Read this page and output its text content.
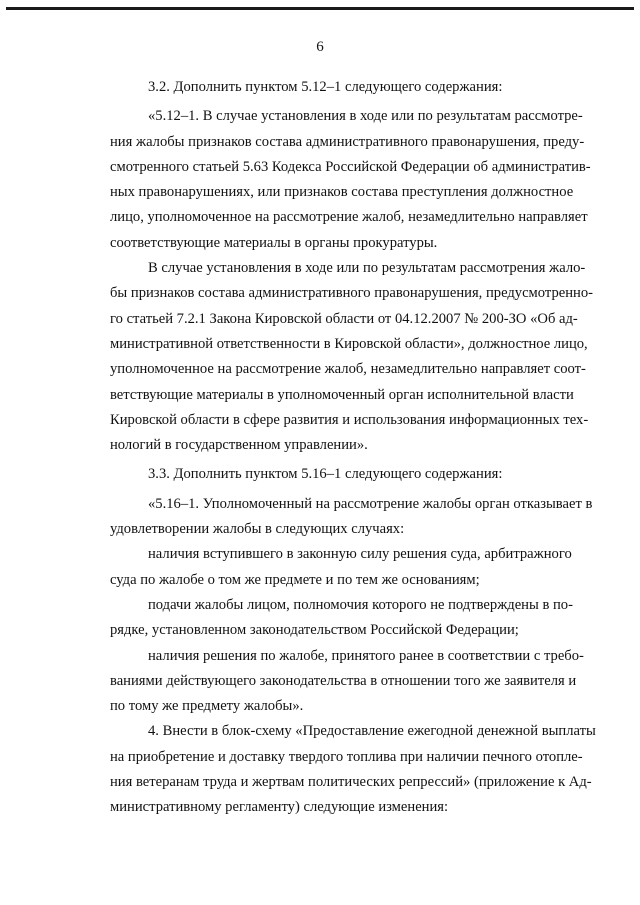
6
3.2. Дополнить пунктом 5.12–1 следующего содержания:
«5.12–1. В случае установления в ходе или по результатам рассмотре-
ния жалобы признаков состава административного правонарушения, преду-
смотренного статьей 5.63 Кодекса Российской Федерации об административ-
ных правонарушениях, или признаков состава преступления должностное
лицо, уполномоченное на рассмотрение жалоб, незамедлительно направляет
соответствующие материалы в органы прокуратуры.
В случае установления в ходе или по результатам рассмотрения жало-
бы признаков состава административного правонарушения, предусмотренно-
го статьей 7.2.1 Закона Кировской области от 04.12.2007 № 200-ЗО «Об ад-
министративной ответственности в Кировской области», должностное лицо,
уполномоченное на рассмотрение жалоб, незамедлительно направляет соот-
ветствующие материалы в уполномоченный орган исполнительной власти
Кировской области в сфере развития и использования информационных тех-
нологий в государственном управлении».
3.3. Дополнить пунктом 5.16–1 следующего содержания:
«5.16–1. Уполномоченный на рассмотрение жалобы орган отказывает в
удовлетворении жалобы в следующих случаях:
наличия вступившего в законную силу решения суда, арбитражного
суда по жалобе о том же предмете и по тем же основаниям;
подачи жалобы лицом, полномочия которого не подтверждены в по-
рядке, установленном законодательством Российской Федерации;
наличия решения по жалобе, принятого ранее в соответствии с требо-
ваниями действующего законодательства в отношении того же заявителя и
по тому же предмету жалобы».
4. Внести в блок-схему «Предоставление ежегодной денежной выплаты
на приобретение и доставку твердого топлива при наличии печного отопле-
ния ветеранам труда и жертвам политических репрессий» (приложение к Ад-
министративному регламенту) следующие изменения:
